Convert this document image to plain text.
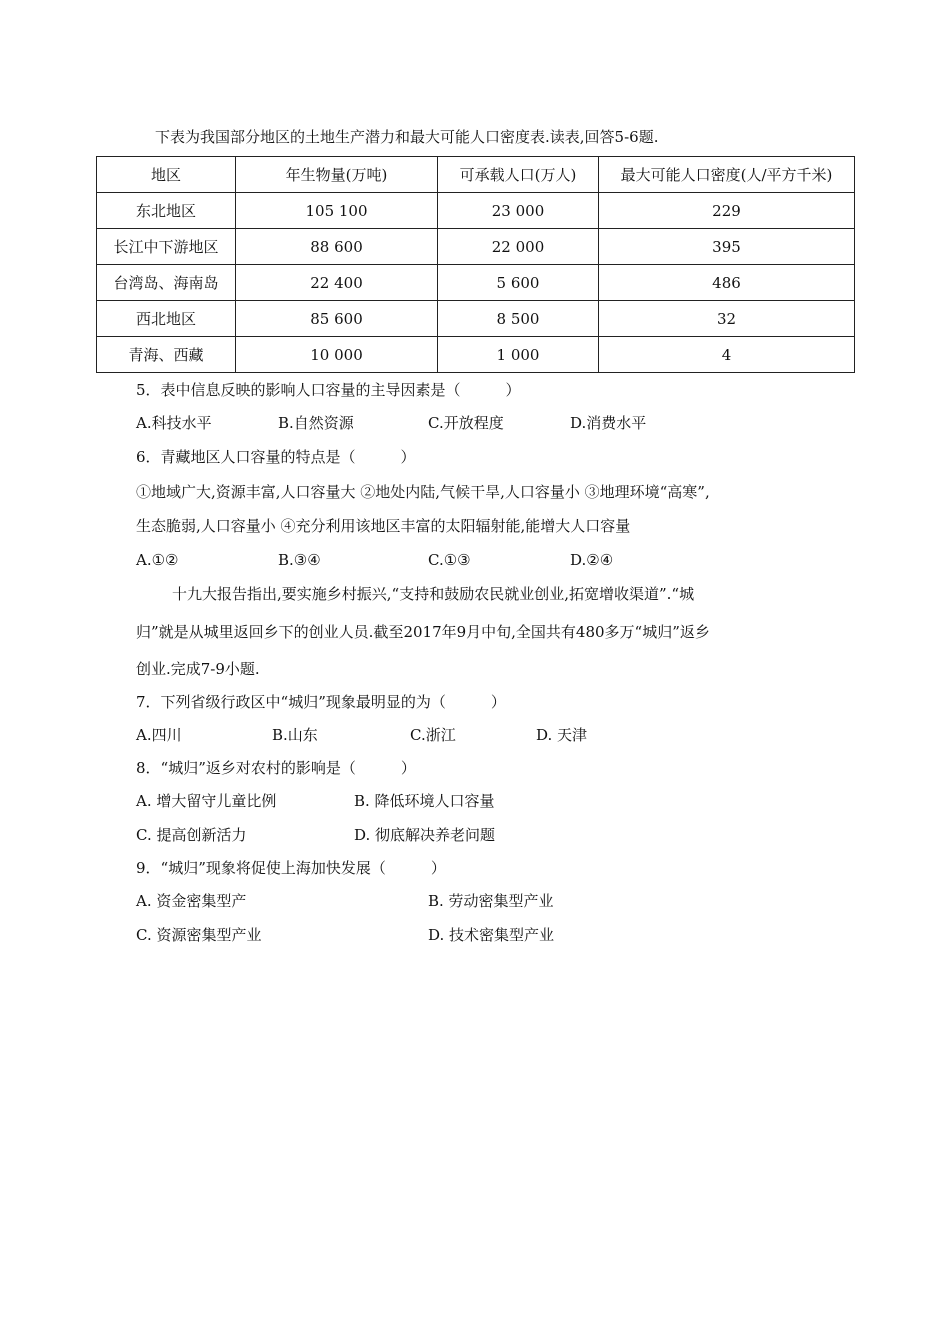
下表为我国部分地区的土地生产潜力和最大可能人口密度表.读表,回答5-6题.
地区	年生物量(万吨)	可承载人口(万人)	最大可能人口密度(人/平方千米)
东北地区	105 100	23 000	229
长江中下游地区	88 600	22 000	395
台湾岛、海南岛	22 400	5 600	486
西北地区	85 600	8 500	32
青海、西藏	10 000	1 000	4
5．表中信息反映的影响人口容量的主导因素是（　　　）
A.科技水平	B.自然资源	C.开放程度	D.消费水平
6．青藏地区人口容量的特点是（　　　）
①地域广大,资源丰富,人口容量大 ②地处内陆,气候干旱,人口容量小 ③地理环境“高寒”,
生态脆弱,人口容量小 ④充分利用该地区丰富的太阳辐射能,能增大人口容量
A.①②	B.③④	C.①③	D.②④
十九大报告指出,要实施乡村振兴,“支持和鼓励农民就业创业,拓宽增收渠道”.“城
归”就是从城里返回乡下的创业人员.截至2017年9月中旬,全国共有480多万“城归”返乡
创业.完成7-9小题.
7．下列省级行政区中“城归”现象最明显的为（　　　）
A.四川	B.山东	C.浙江	D. 天津
8．“城归”返乡对农村的影响是（　　　）
A. 增大留守儿童比例	B. 降低环境人口容量
C. 提高创新活力	D. 彻底解决养老问题
9．“城归”现象将促使上海加快发展（　　　）
A. 资金密集型产	B. 劳动密集型产业
C. 资源密集型产业	D. 技术密集型产业
